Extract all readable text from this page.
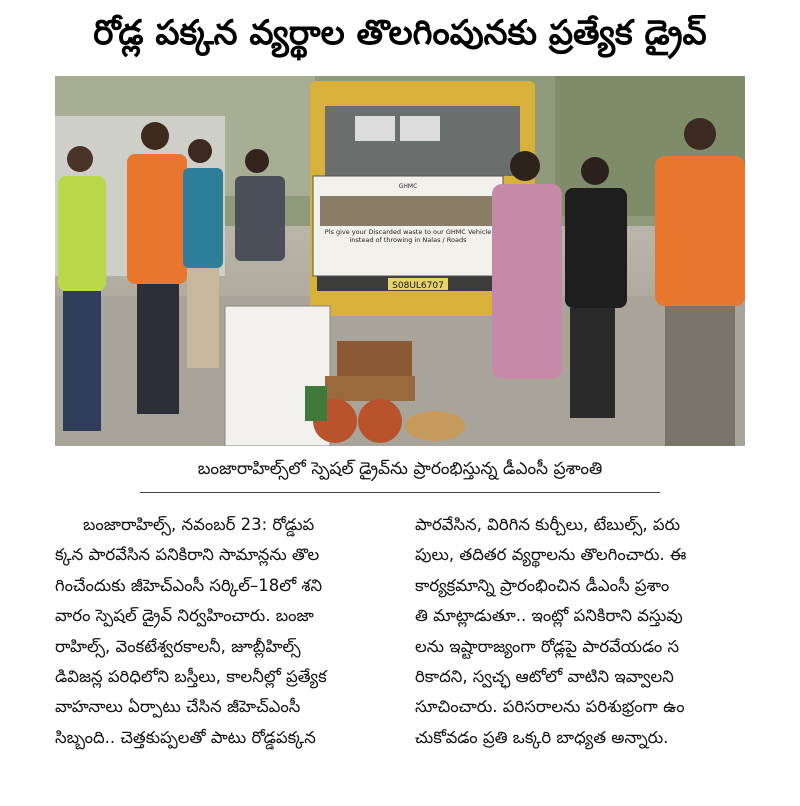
రోడ్ల పక్కన వ్యర్థాల తొలగింపునకు ప్రత్యేక డ్రైవ్
S08UL6707
GHMC
Pls give your Discarded waste to our GHMC Vehicle instead of throwing in Nalas / Roads
బంజారాహిల్స్‌లో స్పెషల్ డ్రైవ్‌ను ప్రారంభిస్తున్న డీఎంసీ ప్రశాంతి
బంజారాహిల్స్, నవంబర్ 23: రోడ్డుప
క్కన పారవేసిన పనికిరాని సామాన్లను తొల
గించేందుకు జీహెచ్‌ఎంసీ సర్కిల్–18లో శని
వారం స్పెషల్ డ్రైవ్ నిర్వహించారు. బంజా
రాహిల్స్, వెంకటేశ్వరకాలనీ, జూబ్లీహిల్స్
డివిజన్ల పరిధిలోని బస్తీలు, కాలనీల్లో ప్రత్యేక
వాహనాలు ఏర్పాటు చేసిన జీహెచ్‌ఎంసీ
సిబ్బంది.. చెత్తకుప్పలతో పాటు రోడ్డపక్కన
పారవేసిన, విరిగిన కుర్చీలు, టేబుల్స్, పరు
పులు, తదితర వ్యర్థాలను తొలగించారు. ఈ
కార్యక్రమాన్ని ప్రారంభించిన డీఎంసీ ప్రశాం
తి మాట్లాడుతూ.. ఇంట్లో పనికిరాని వస్తువు
లను ఇష్టారాజ్యంగా రోడ్లపై పారవేయడం స
రికాదని, స్వచ్ఛ ఆటోలో వాటిని ఇవ్వాలని
సూచించారు. పరిసరాలను పరిశుభ్రంగా ఉం
చుకోవడం ప్రతి ఒక్కరి బాధ్యత అన్నారు.
